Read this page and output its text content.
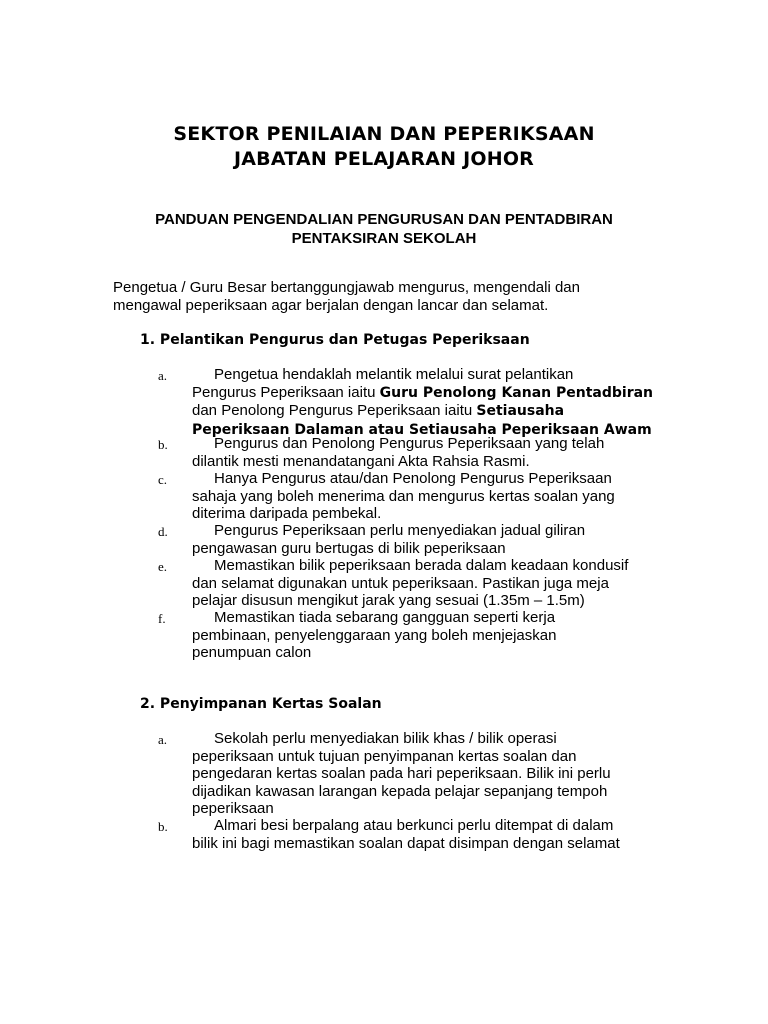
SEKTOR PENILAIAN DAN PEPERIKSAAN
JABATAN PELAJARAN JOHOR
PANDUAN PENGENDALIAN PENGURUSAN DAN PENTADBIRAN
PENTAKSIRAN SEKOLAH
Pengetua / Guru Besar bertanggungjawab mengurus, mengendali dan
mengawal peperiksaan agar berjalan dengan lancar dan selamat.
1. Pelantikan Pengurus dan Petugas Peperiksaan
a.	Pengetua hendaklah melantik melalui surat pelantikan
Pengurus Peperiksaan iaitu Guru Penolong Kanan Pentadbiran
dan Penolong Pengurus Peperiksaan iaitu Setiausaha
Peperiksaan Dalaman atau Setiausaha Peperiksaan Awam
b.	Pengurus dan Penolong Pengurus Peperiksaan yang telah
dilantik mesti menandatangani Akta Rahsia Rasmi.
c.	Hanya Pengurus atau/dan Penolong Pengurus Peperiksaan
sahaja yang boleh menerima dan mengurus kertas soalan yang
diterima daripada pembekal.
d.	Pengurus Peperiksaan perlu menyediakan jadual giliran
pengawasan guru bertugas di bilik peperiksaan
e.	Memastikan bilik peperiksaan berada dalam keadaan kondusif
dan selamat digunakan untuk peperiksaan. Pastikan juga meja
pelajar disusun mengikut jarak yang sesuai (1.35m – 1.5m)
f.	Memastikan tiada sebarang gangguan seperti kerja
pembinaan, penyelenggaraan yang boleh menjejaskan
penumpuan calon
2. Penyimpanan Kertas Soalan
a.	Sekolah perlu menyediakan bilik khas / bilik operasi
peperiksaan untuk tujuan penyimpanan kertas soalan dan
pengedaran kertas soalan pada hari peperiksaan. Bilik ini perlu
dijadikan kawasan larangan kepada pelajar sepanjang tempoh
peperiksaan
b.	Almari besi berpalang atau berkunci perlu ditempat di dalam
bilik ini bagi memastikan soalan dapat disimpan dengan selamat
